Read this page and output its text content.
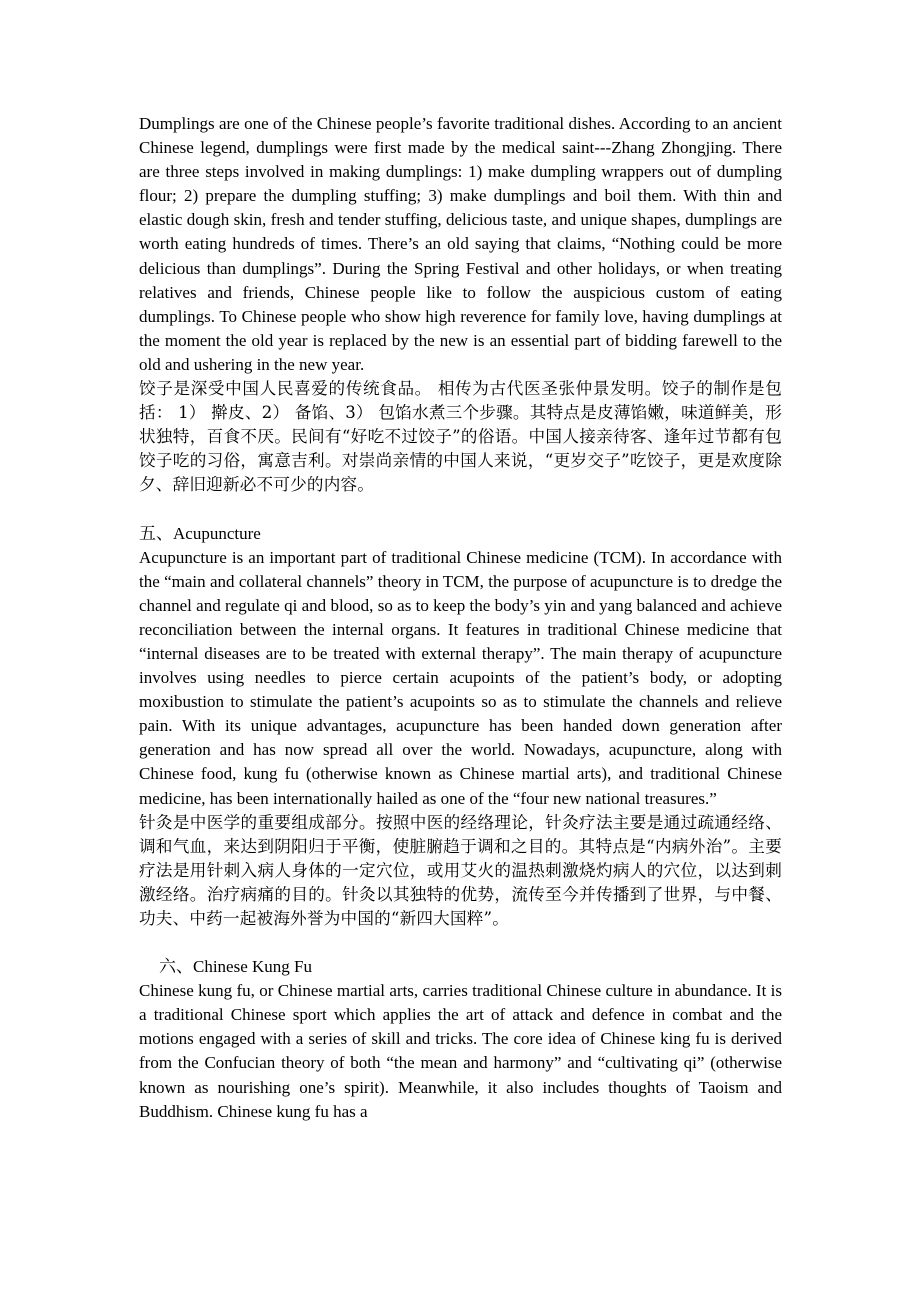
Dumplings are one of the Chinese people’s favorite traditional dishes. According to an ancient Chinese legend, dumplings were first made by the medical saint---Zhang Zhongjing. There are three steps involved in making dumplings: 1) make dumpling wrappers out of dumpling flour; 2) prepare the dumpling stuffing; 3) make dumplings and boil them. With thin and elastic dough skin, fresh and tender stuffing, delicious taste, and unique shapes, dumplings are worth eating hundreds of times. There’s an old saying that claims, “Nothing could be more delicious than dumplings”. During the Spring Festival and other holidays, or when treating relatives and friends, Chinese people like to follow the auspicious custom of eating dumplings. To Chinese people who show high reverence for family love, having dumplings at the moment the old year is replaced by the new is an essential part of bidding farewell to the old and ushering in the new year.

饺子是深受中国人民喜爱的传统食品。 相传为古代医圣张仲景发明。饺子的制作是包括： 1） 擀皮、2） 备馅、3） 包馅水煮三个步骤。其特点是皮薄馅嫩，味道鲜美，形状独特，百食不厌。民间有“好吃不过饺子”的俗语。中国人接亲待客、逢年过节都有包饺子吃的习俗，寓意吉利。对崇尚亲情的中国人来说，“更岁交子”吃饺子，更是欢度除夕、辞旧迎新必不可少的内容。

五、Acupuncture

Acupuncture is an important part of traditional Chinese medicine (TCM). In accordance with the “main and collateral channels” theory in TCM, the purpose of acupuncture is to dredge the channel and regulate qi and blood, so as to keep the body’s yin and yang balanced and achieve reconciliation between the internal organs. It features in traditional Chinese medicine that “internal diseases are to be treated with external therapy”. The main therapy of acupuncture involves using needles to pierce certain acupoints of the patient’s body, or adopting moxibustion to stimulate the patient’s acupoints so as to stimulate the channels and relieve pain. With its unique advantages, acupuncture has been handed down generation after generation and has now spread all over the world. Nowadays, acupuncture, along with Chinese food, kung fu (otherwise known as Chinese martial arts), and traditional Chinese medicine, has been internationally hailed as one of the “four new national treasures.”

针灸是中医学的重要组成部分。按照中医的经络理论，针灸疗法主要是通过疏通经络、调和气血，来达到阴阳归于平衡，使脏腑趋于调和之目的。其特点是“内病外治”。主要疗法是用针刺入病人身体的一定穴位，或用艾火的温热刺激烧灼病人的穴位，以达到刺激经络。治疗病痛的目的。针灸以其独特的优势，流传至今并传播到了世界，与中餐、功夫、中药一起被海外誉为中国的“新四大国粹”。

六、Chinese Kung Fu

Chinese kung fu, or Chinese martial arts, carries traditional Chinese culture in abundance. It is a traditional Chinese sport which applies the art of attack and defence in combat and the motions engaged with a series of skill and tricks. The core idea of Chinese king fu is derived from the Confucian theory of both “the mean and harmony” and “cultivating qi” (otherwise known as nourishing one’s spirit). Meanwhile, it also includes thoughts of Taoism and Buddhism. Chinese kung fu has a
